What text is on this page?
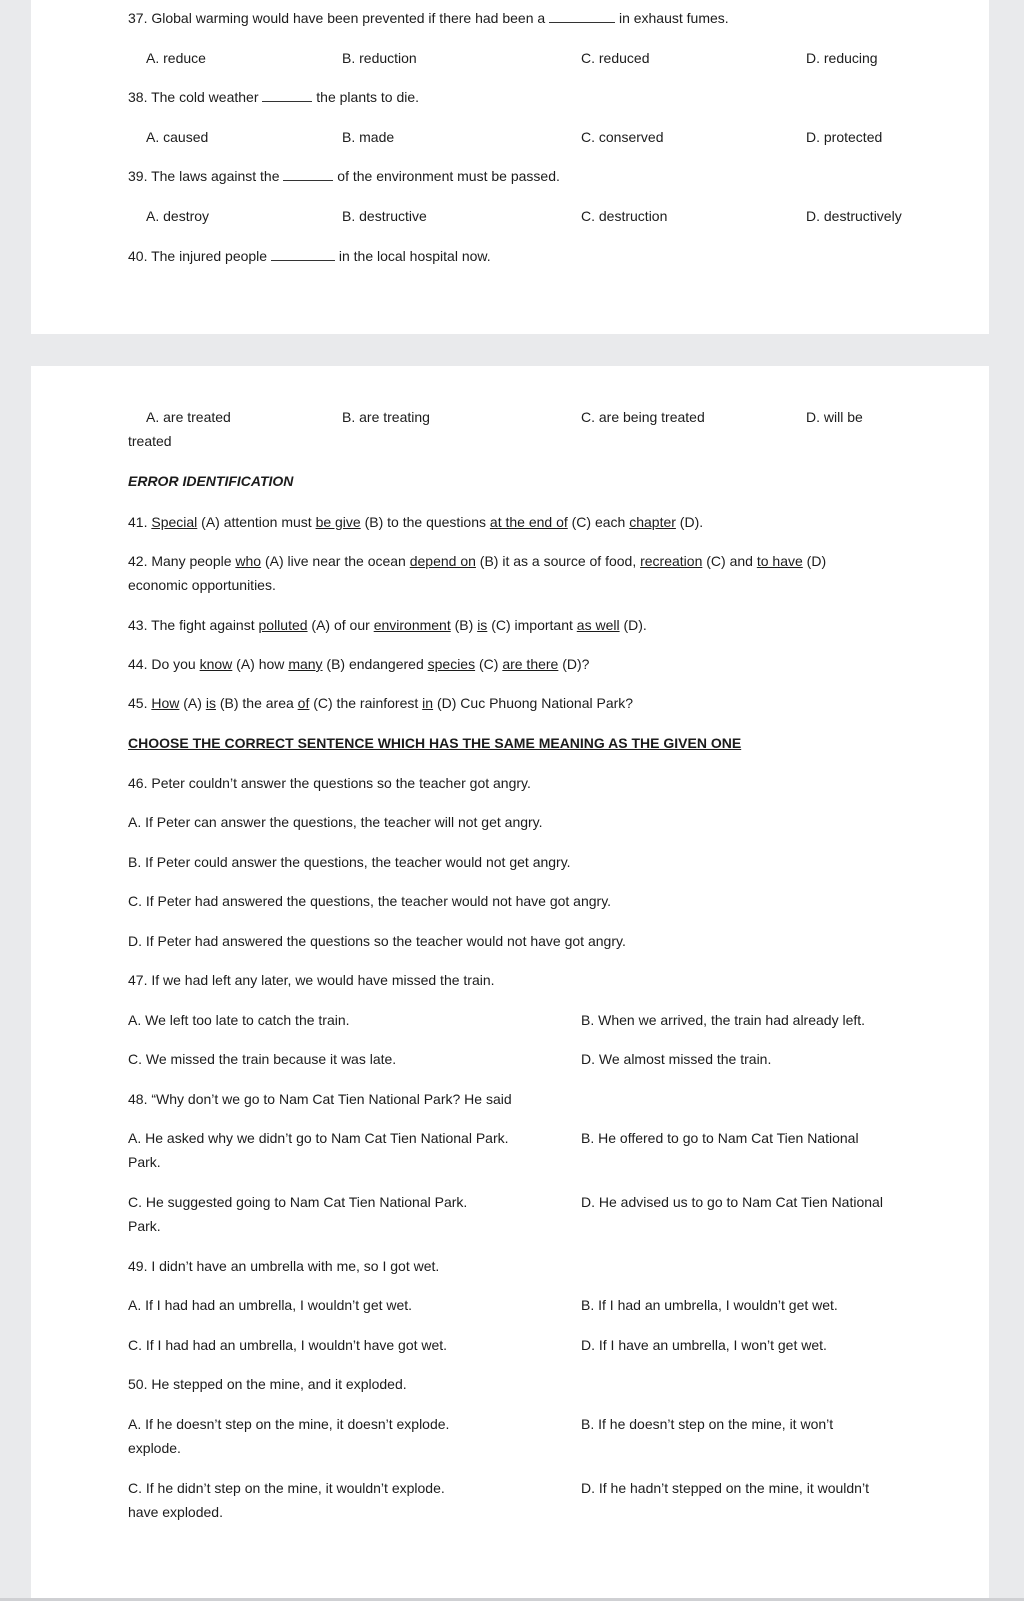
37. Global warming would have been prevented if there had been a	in exhaust fumes.
A. reduce	B. reduction	C. reduced	D. reducing
38. The cold weather	the plants to die.
A. caused	B. made	C. conserved	D. protected
39. The laws against the	of the environment must be passed.
A. destroy	B. destructive	C. destruction	D. destructively
40. The injured people	in the local hospital now.
A. are treated	B. are treating	C. are being treated	D. will be
treated
ERROR IDENTIFICATION
41. Special (A) attention must be give (B) to the questions at the end of (C) each chapter (D).
42. Many people who (A) live near the ocean depend on (B) it as a source of food, recreation (C) and to have (D)
economic opportunities.
43. The fight against polluted (A) of our environment (B) is (C) important as well (D).
44. Do you know (A) how many (B) endangered species (C) are there (D)?
45. How (A) is (B) the area of (C) the rainforest in (D) Cuc Phuong National Park?
CHOOSE THE CORRECT SENTENCE WHICH HAS THE SAME MEANING AS THE GIVEN ONE
46. Peter couldn’t answer the questions so the teacher got angry.
A. If Peter can answer the questions, the teacher will not get angry.
B. If Peter could answer the questions, the teacher would not get angry.
C. If Peter had answered the questions, the teacher would not have got angry.
D. If Peter had answered the questions so the teacher would not have got angry.
47. If we had left any later, we would have missed the train.
A. We left too late to catch the train.	B. When we arrived, the train had already left.
C. We missed the train because it was late.	D. We almost missed the train.
48. “Why don’t we go to Nam Cat Tien National Park? He said
A. He asked why we didn’t go to Nam Cat Tien National Park.	B. He offered to go to Nam Cat Tien National
Park.
C. He suggested going to Nam Cat Tien National Park.	D. He advised us to go to Nam Cat Tien National
Park.
49. I didn’t have an umbrella with me, so I got wet.
A. If I had had an umbrella, I wouldn’t get wet.	B. If I had an umbrella, I wouldn’t get wet.
C. If I had had an umbrella, I wouldn’t have got wet.	D. If I have an umbrella, I won’t get wet.
50. He stepped on the mine, and it exploded.
A. If he doesn’t step on the mine, it doesn’t explode.	B. If he doesn’t step on the mine, it won’t
explode.
C. If he didn’t step on the mine, it wouldn’t explode.	D. If he hadn’t stepped on the mine, it wouldn’t
have exploded.
